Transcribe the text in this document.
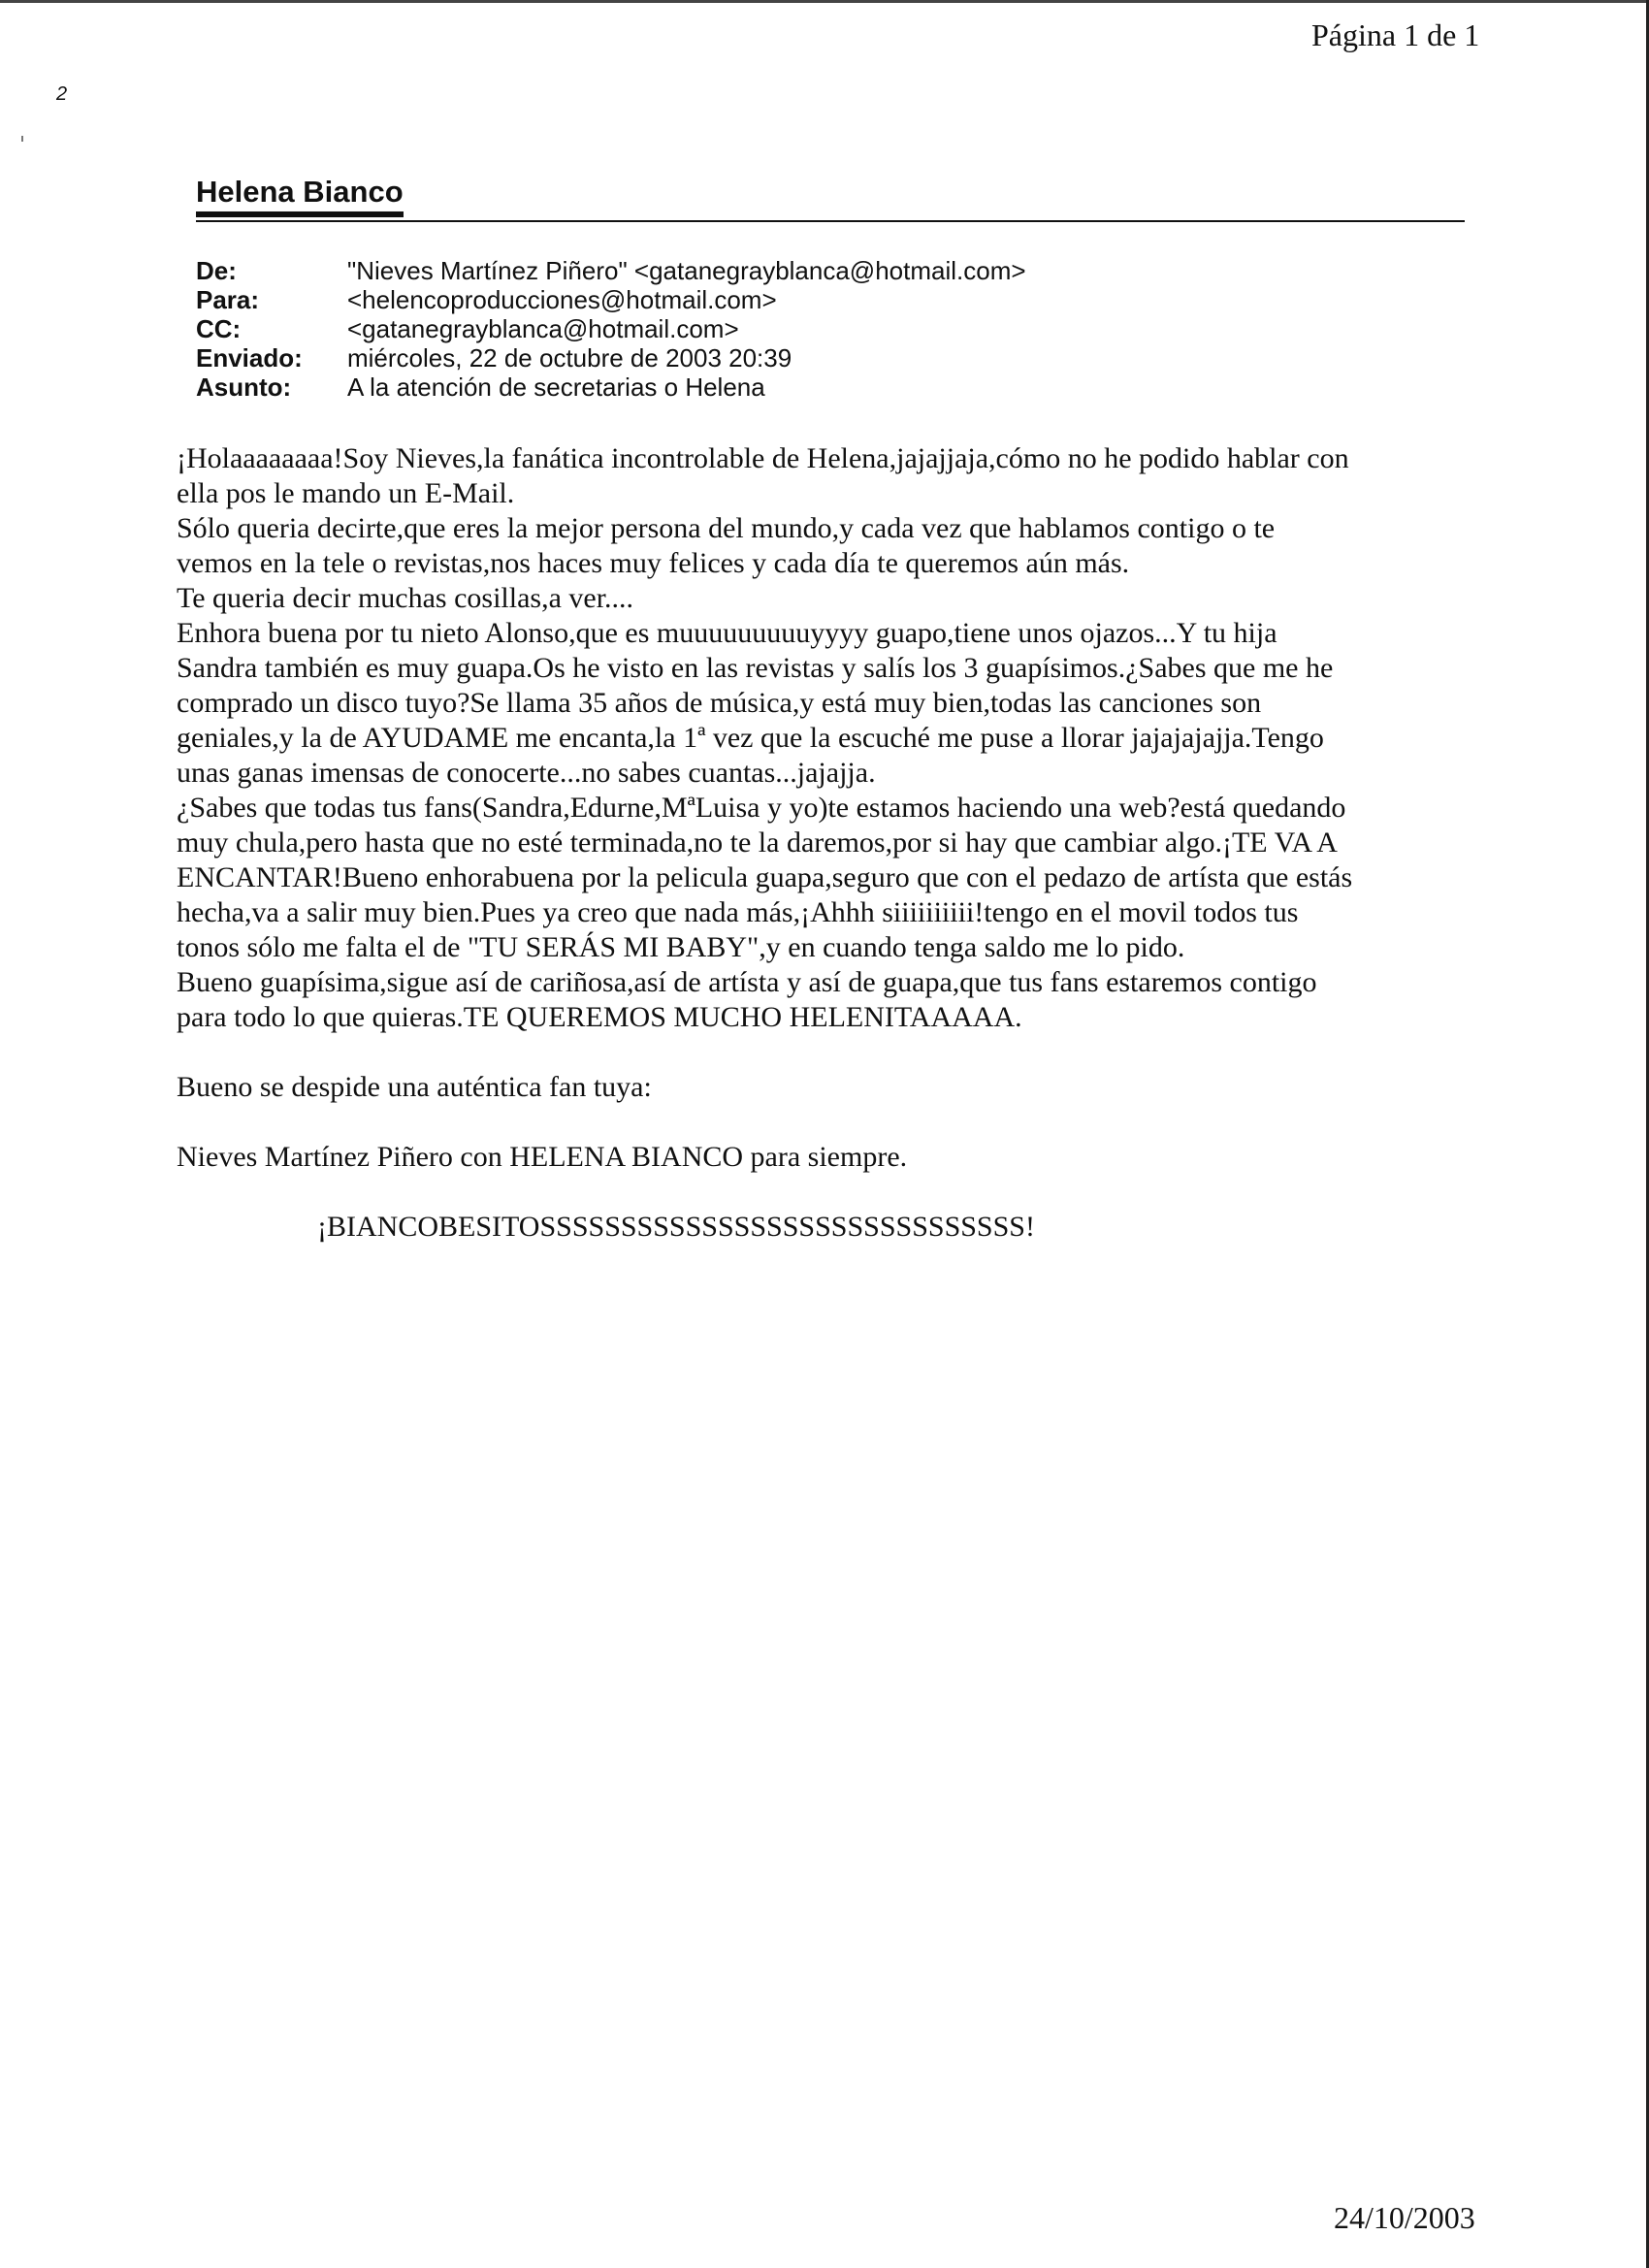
Página 1 de 1
2
Helena Bianco
De:	"Nieves Martínez Piñero" <gatanegrayblanca@hotmail.com>
Para:	<helencoproducciones@hotmail.com>
CC:	<gatanegrayblanca@hotmail.com>
Enviado:	miércoles, 22 de octubre de 2003 20:39
Asunto:	A la atención de secretarias o Helena

¡Holaaaaaaaa!Soy Nieves,la fanática incontrolable de Helena,jajajjaja,cómo no he podido hablar con

ella pos le mando un E-Mail.

Sólo queria decirte,que eres la mejor persona del mundo,y cada vez que hablamos contigo o te

vemos en la tele o revistas,nos haces muy felices y cada día te queremos aún más.

Te queria decir muchas cosillas,a ver....

Enhora buena por tu nieto Alonso,que es muuuuuuuuuyyyy guapo,tiene unos ojazos...Y tu hija

Sandra también es muy guapa.Os he visto en las revistas y salís los 3 guapísimos.¿Sabes que me he

comprado un disco tuyo?Se llama 35 años de música,y está muy bien,todas las canciones son

geniales,y la de AYUDAME me encanta,la 1ª vez que la escuché me puse a llorar jajajajajja.Tengo

unas ganas imensas de conocerte...no sabes cuantas...jajajja.

¿Sabes que todas tus fans(Sandra,Edurne,MªLuisa y yo)te estamos haciendo una web?está quedando

muy chula,pero hasta que no esté terminada,no te la daremos,por si hay que cambiar algo.¡TE VA A

ENCANTAR!Bueno enhorabuena por la pelicula guapa,seguro que con el pedazo de artísta que estás

hecha,va a salir muy bien.Pues ya creo que nada más,¡Ahhh siiiiiiiiii!tengo en el movil todos tus

tonos sólo me falta el de "TU SERÁS MI BABY",y en cuando tenga saldo me lo pido.

Bueno guapísima,sigue así de cariñosa,así de artísta y así de guapa,que tus fans estaremos contigo

para todo lo que quieras.TE QUEREMOS MUCHO HELENITAAAAA.

Bueno se despide una auténtica fan tuya:

Nieves Martínez Piñero con HELENA BIANCO para siempre.

¡BIANCOBESITOSSSSSSSSSSSSSSSSSSSSSSSSSSSSSS!

24/10/2003
